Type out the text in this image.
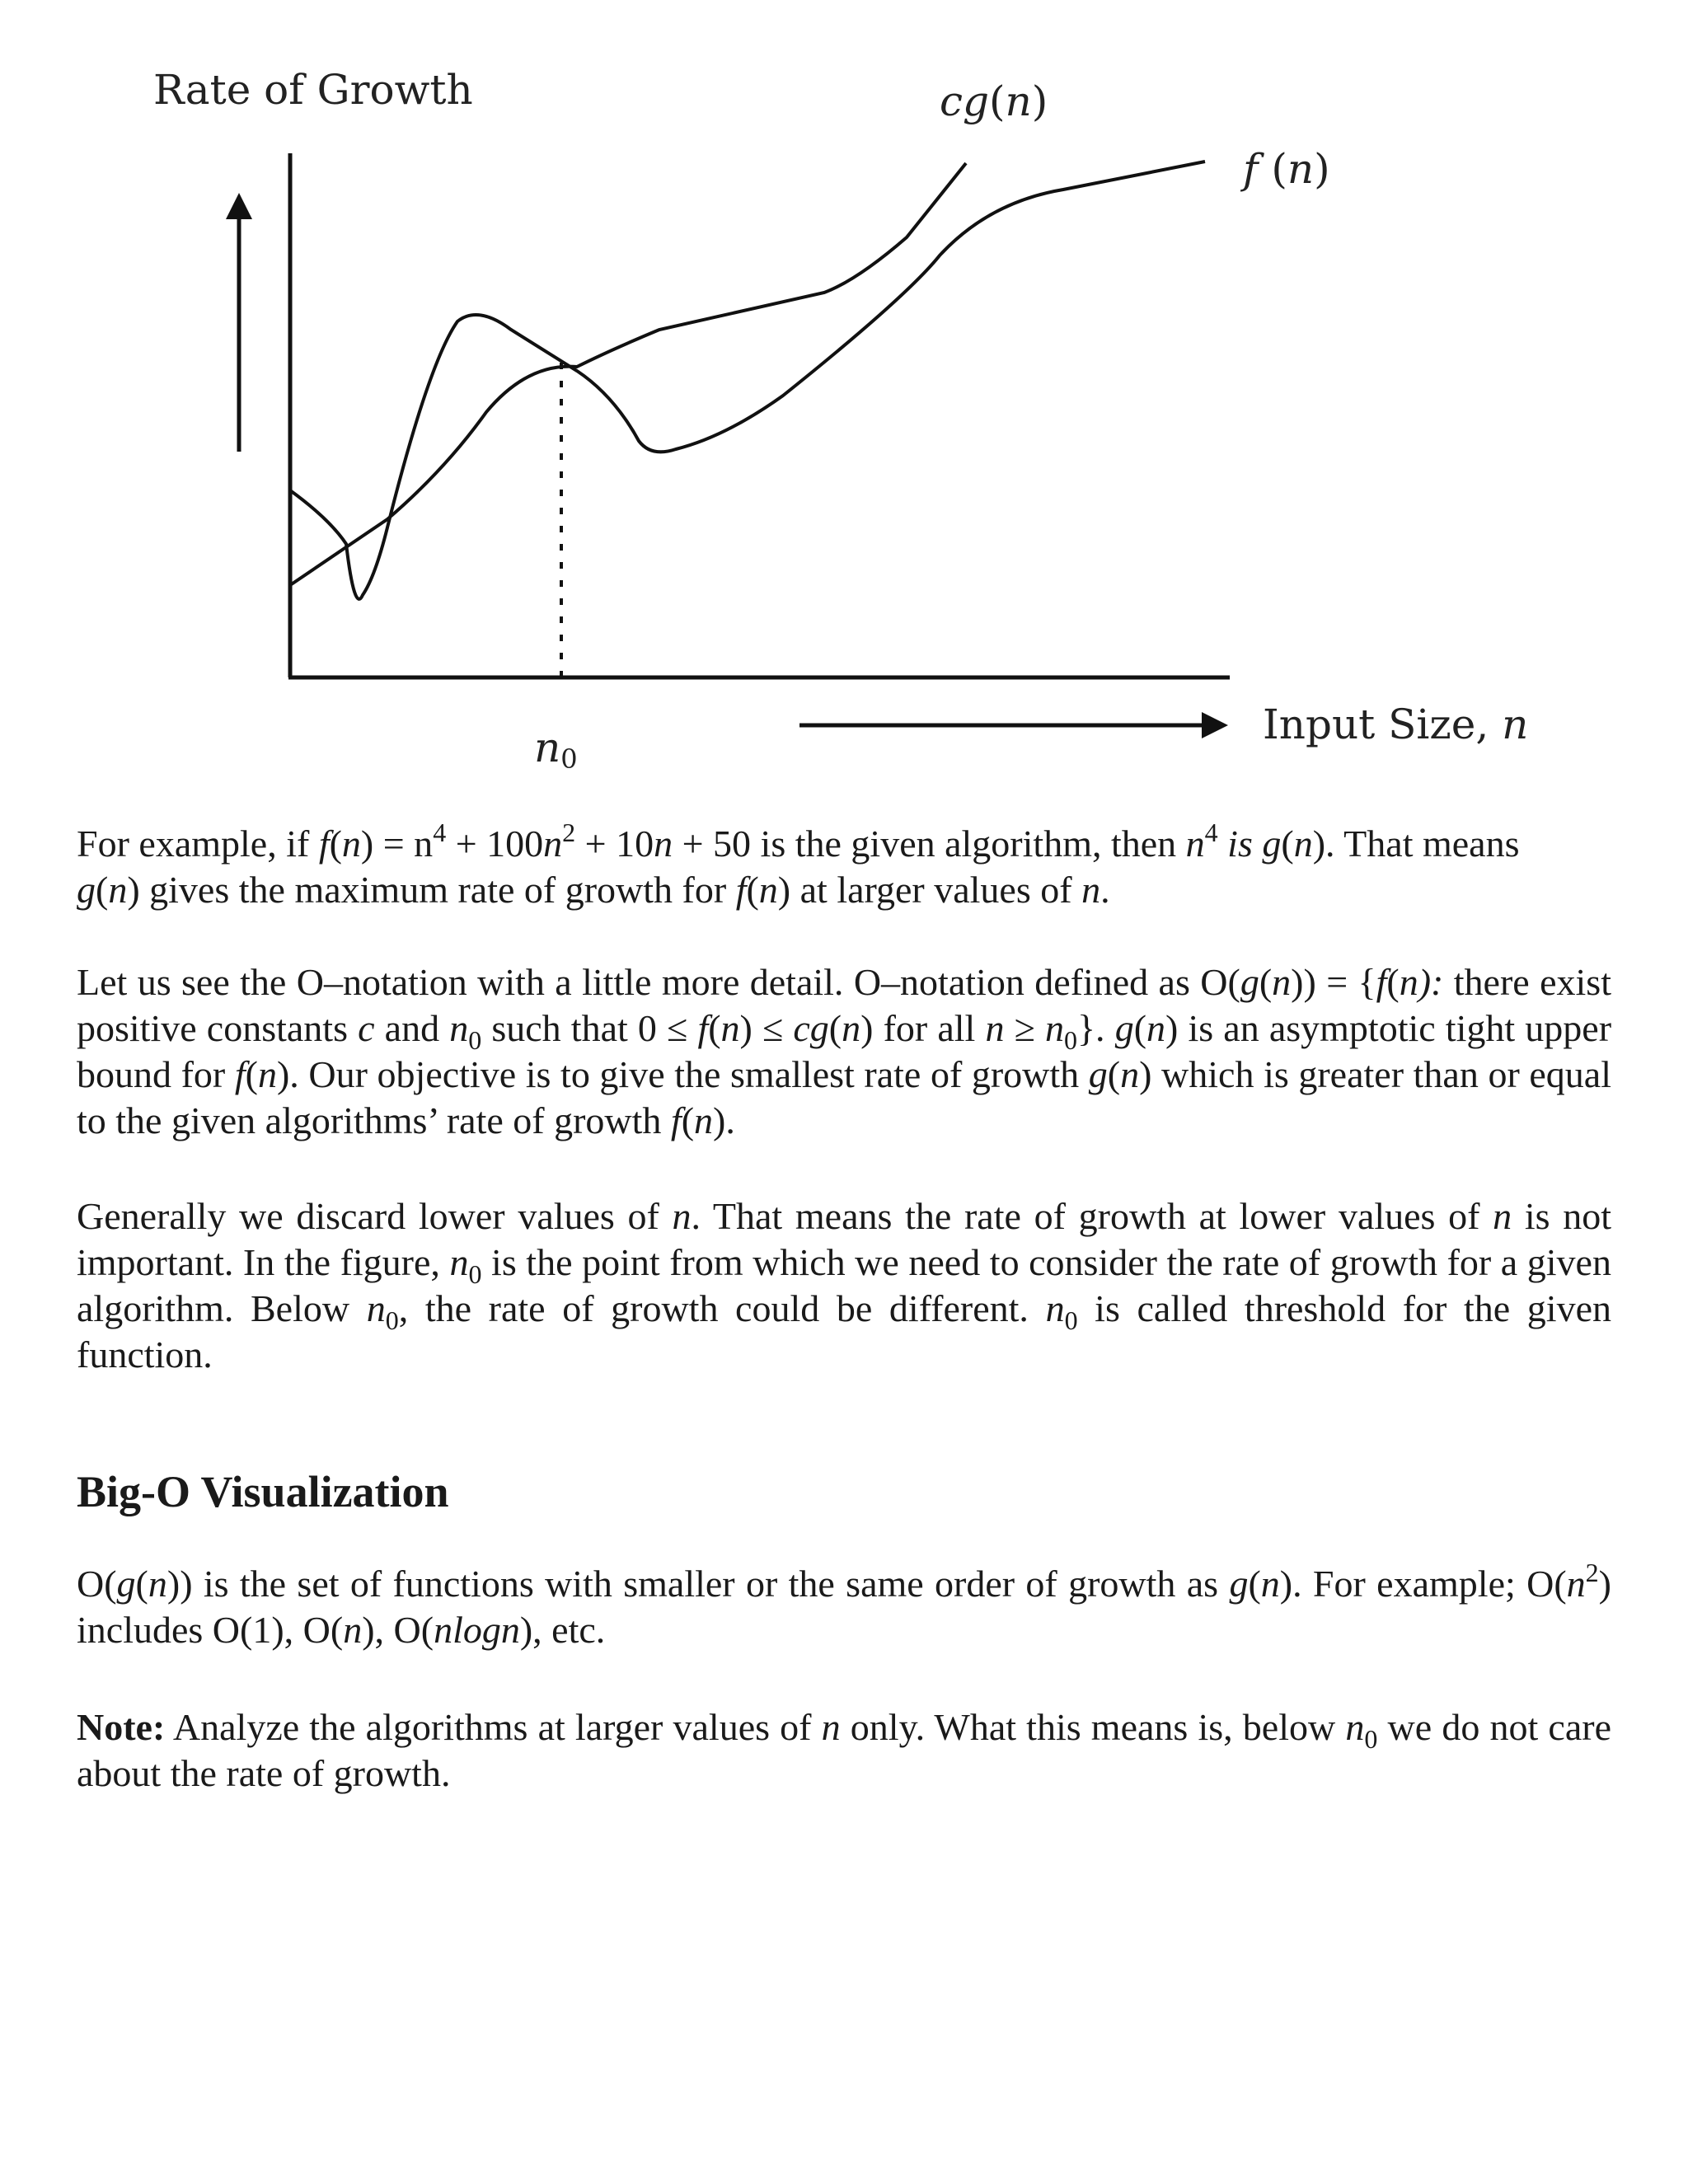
Rate of Growth	cg(n)
f (n)
n0
Input Size, n

For example, if $f(n) = n^4 + 100n^2 + 10n + 50$ is the given algorithm, then $n^4$ is g(n). That means
g(n) gives the maximum rate of growth for f(n) at larger values of n.

Let us see the O–notation with a little more detail. O–notation defined as O(g(n)) = {f(n): there exist positive constants c and $n_0$ such that 0 ≤ f(n) ≤ cg(n) for all $n \ge n_0$}. g(n) is an asymptotic tight upper bound for f(n). Our objective is to give the smallest rate of growth g(n) which is greater than or equal to the given algorithms’ rate of growth f(n).

Generally we discard lower values of n. That means the rate of growth at lower values of n is not important. In the figure, $n_0$ is the point from which we need to consider the rate of growth for a given algorithm. Below $n_0$, the rate of growth could be different. $n_0$ is called threshold for the given function.

Big-O Visualization

O(g(n)) is the set of functions with smaller or the same order of growth as g(n). For example; $O(n^2)$ includes O(1), O(n), O(nlogn), etc.

Note: Analyze the algorithms at larger values of n only. What this means is, below $n_0$ we do not care about the rate of growth.
